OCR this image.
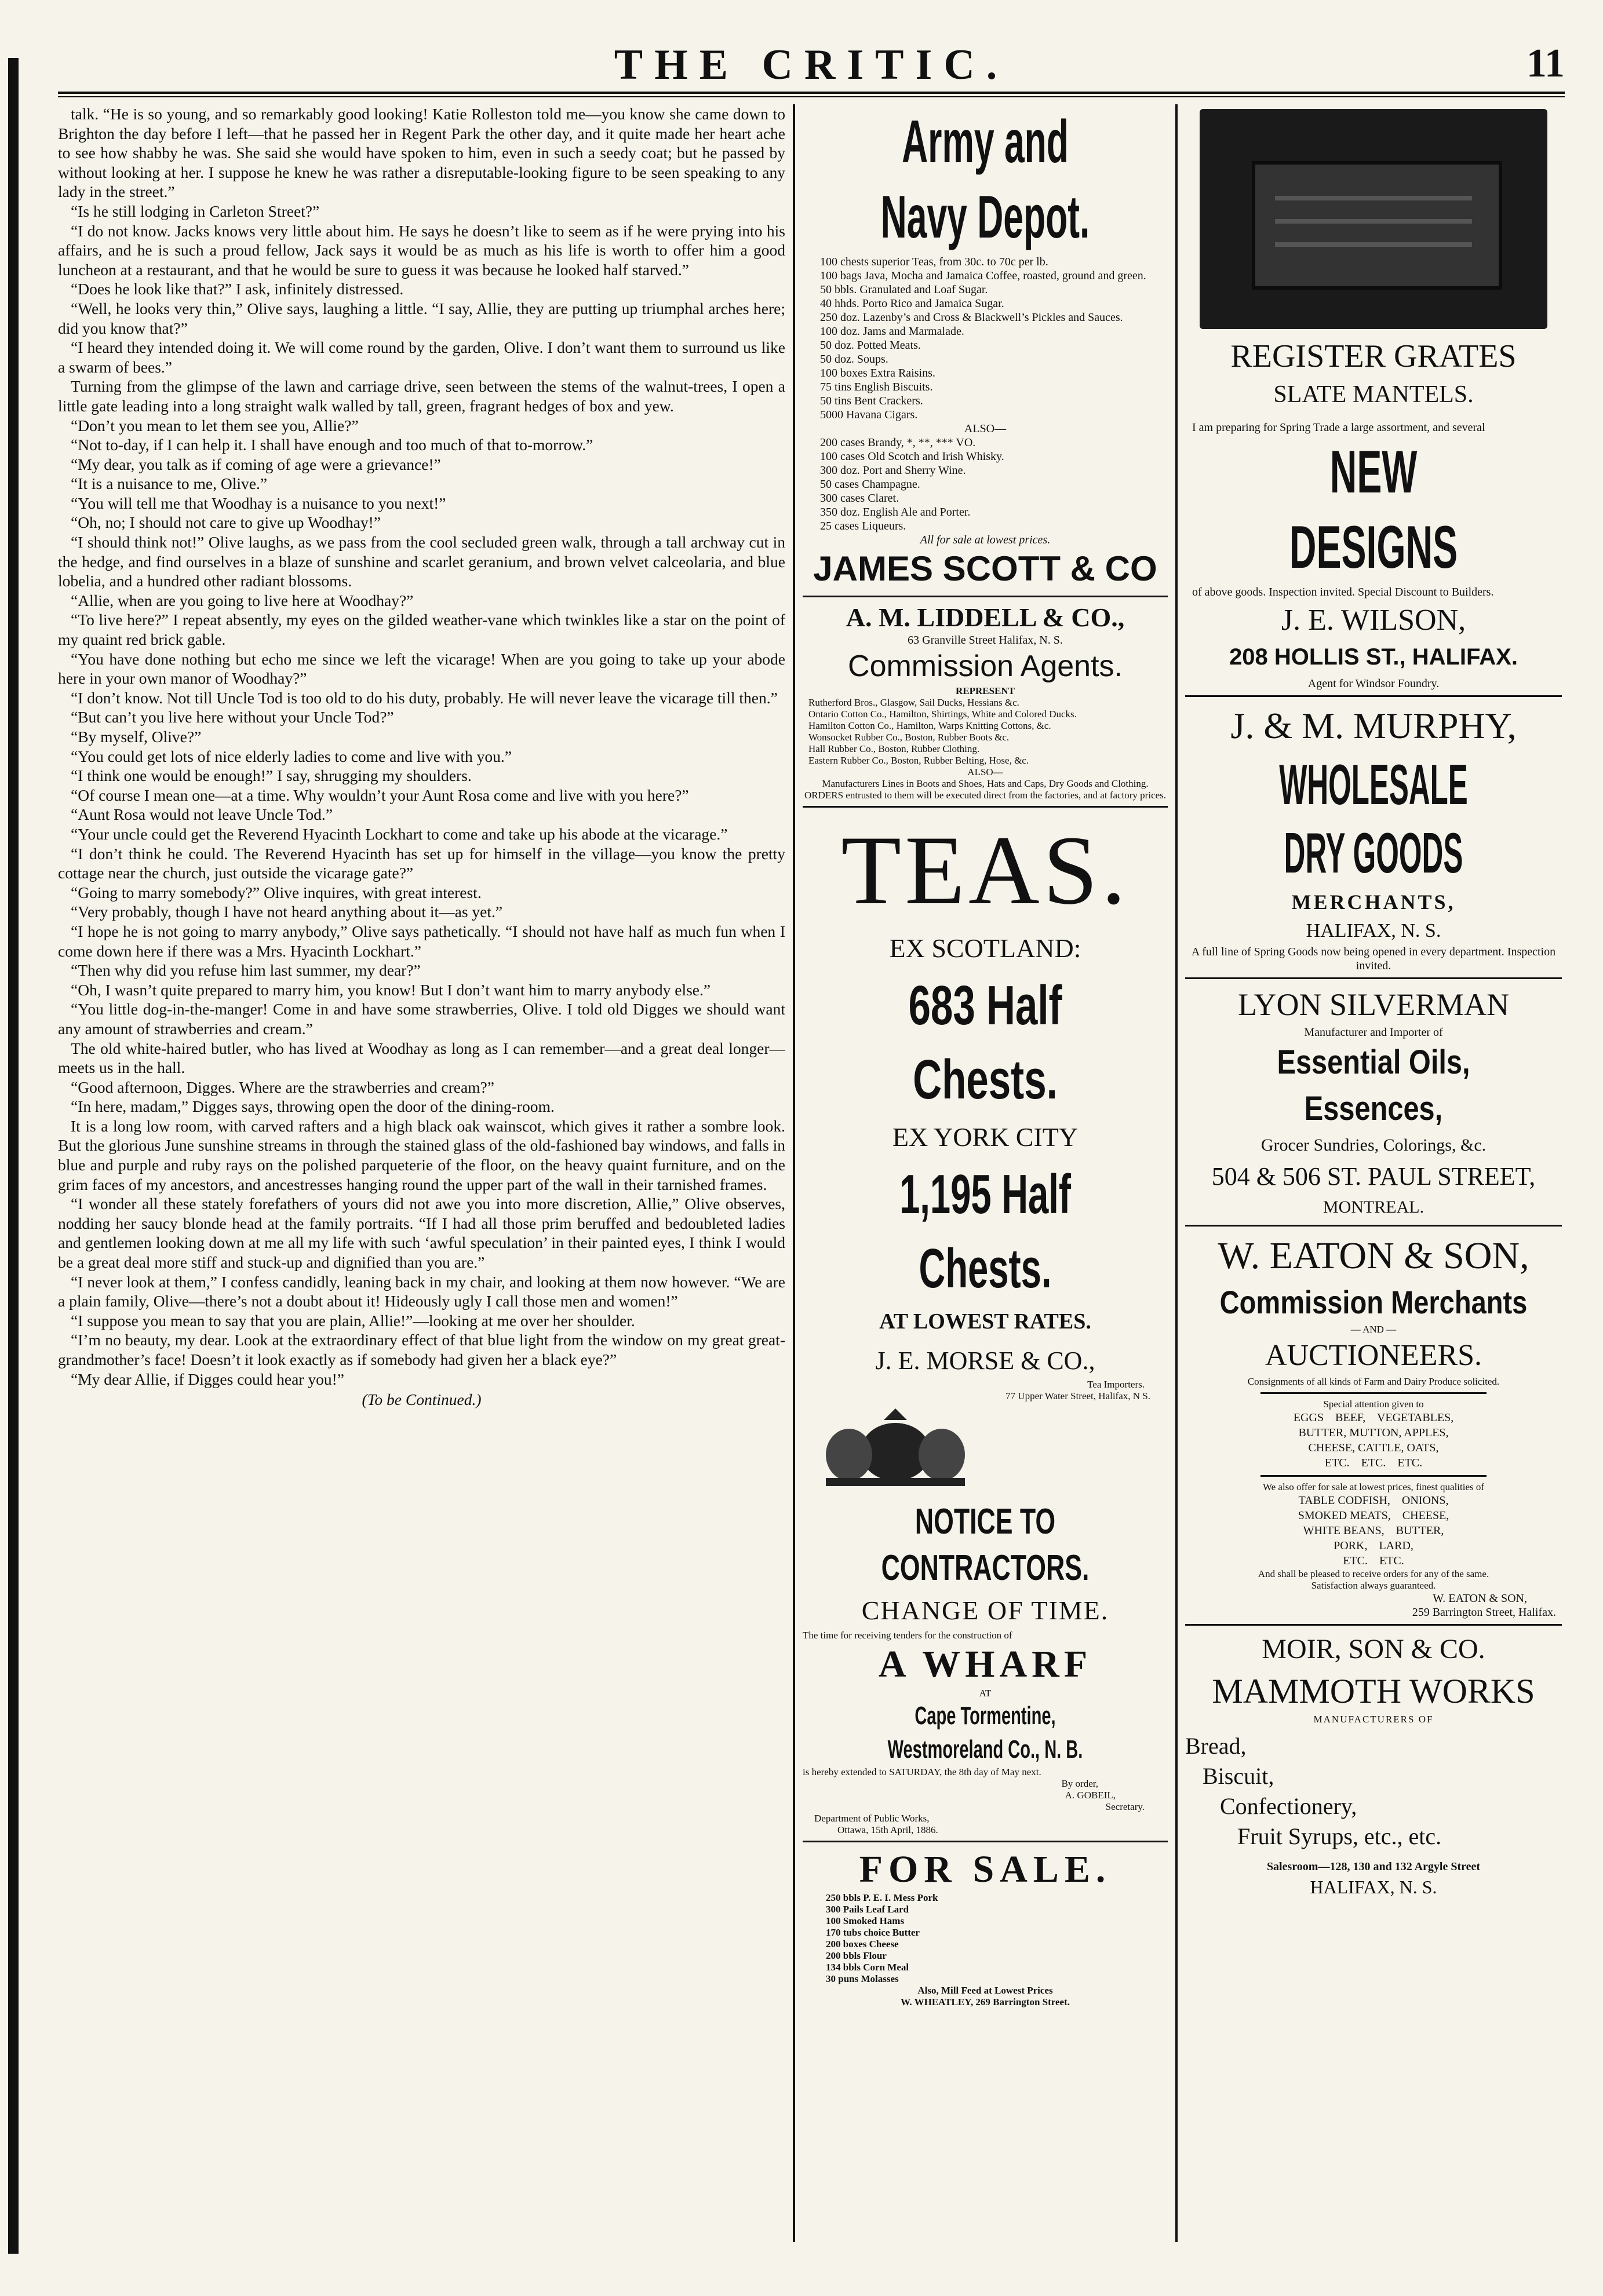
THE CRITIC.	11

talk. “He is so young, and so remarkably good looking! Katie Rolleston told me—you know she came down to Brighton the day before I left—that he passed her in Regent Park the other day, and it quite made her heart ache to see how shabby he was. She said she would have spoken to him, even in such a seedy coat; but he passed by without looking at her. I suppose he knew he was rather a disreputable-looking figure to be seen speaking to any lady in the street.”

“Is he still lodging in Carleton Street?”

“I do not know. Jacks knows very little about him. He says he doesn’t like to seem as if he were prying into his affairs, and he is such a proud fellow, Jack says it would be as much as his life is worth to offer him a good luncheon at a restaurant, and that he would be sure to guess it was because he looked half starved.”

“Does he look like that?” I ask, infinitely distressed.

“Well, he looks very thin,” Olive says, laughing a little. “I say, Allie, they are putting up triumphal arches here; did you know that?”

“I heard they intended doing it. We will come round by the garden, Olive. I don’t want them to surround us like a swarm of bees.”

Turning from the glimpse of the lawn and carriage drive, seen between the stems of the walnut-trees, I open a little gate leading into a long straight walk walled by tall, green, fragrant hedges of box and yew.

“Don’t you mean to let them see you, Allie?”

“Not to-day, if I can help it. I shall have enough and too much of that to-morrow.”

“My dear, you talk as if coming of age were a grievance!”

“It is a nuisance to me, Olive.”

“You will tell me that Woodhay is a nuisance to you next!”

“Oh, no; I should not care to give up Woodhay!”

“I should think not!” Olive laughs, as we pass from the cool secluded green walk, through a tall archway cut in the hedge, and find ourselves in a blaze of sunshine and scarlet geranium, and brown velvet calceolaria, and blue lobelia, and a hundred other radiant blossoms.

“Allie, when are you going to live here at Woodhay?”

“To live here?” I repeat absently, my eyes on the gilded weather-vane which twinkles like a star on the point of my quaint red brick gable.

“You have done nothing but echo me since we left the vicarage! When are you going to take up your abode here in your own manor of Woodhay?”

“I don’t know. Not till Uncle Tod is too old to do his duty, probably. He will never leave the vicarage till then.”

“But can’t you live here without your Uncle Tod?”

“By myself, Olive?”

“You could get lots of nice elderly ladies to come and live with you.”

“I think one would be enough!” I say, shrugging my shoulders.

“Of course I mean one—at a time. Why wouldn’t your Aunt Rosa come and live with you here?”

“Aunt Rosa would not leave Uncle Tod.”

“Your uncle could get the Reverend Hyacinth Lockhart to come and take up his abode at the vicarage.”

“I don’t think he could. The Reverend Hyacinth has set up for himself in the village—you know the pretty cottage near the church, just outside the vicarage gate?”

“Going to marry somebody?” Olive inquires, with great interest.

“Very probably, though I have not heard anything about it—as yet.”

“I hope he is not going to marry anybody,” Olive says pathetically. “I should not have half as much fun when I come down here if there was a Mrs. Hyacinth Lockhart.”

“Then why did you refuse him last summer, my dear?”

“Oh, I wasn’t quite prepared to marry him, you know! But I don’t want him to marry anybody else.”

“You little dog-in-the-manger! Come in and have some strawberries, Olive. I told old Digges we should want any amount of strawberries and cream.”

The old white-haired butler, who has lived at Woodhay as long as I can remember—and a great deal longer—meets us in the hall.

“Good afternoon, Digges. Where are the strawberries and cream?”

“In here, madam,” Digges says, throwing open the door of the dining-room.

It is a long low room, with carved rafters and a high black oak wainscot, which gives it rather a sombre look. But the glorious June sunshine streams in through the stained glass of the old-fashioned bay windows, and falls in blue and purple and ruby rays on the polished parqueterie of the floor, on the heavy quaint furniture, and on the grim faces of my ancestors, and ancestresses hanging round the upper part of the wall in their tarnished frames.

“I wonder all these stately forefathers of yours did not awe you into more discretion, Allie,” Olive observes, nodding her saucy blonde head at the family portraits. “If I had all those prim beruffed and bedoubleted ladies and gentlemen looking down at me all my life with such ‘awful speculation’ in their painted eyes, I think I would be a great deal more stiff and stuck-up and dignified than you are.”

“I never look at them,” I confess candidly, leaning back in my chair, and looking at them now however. “We are a plain family, Olive—there’s not a doubt about it! Hideously ugly I call those men and women!”

“I suppose you mean to say that you are plain, Allie!”—looking at me over her shoulder.

“I’m no beauty, my dear. Look at the extraordinary effect of that blue light from the window on my great great-grandmother’s face! Doesn’t it look exactly as if somebody had given her a black eye?”

“My dear Allie, if Digges could hear you!”

(To be Continued.)

Army and Navy Depot.
100 chests superior Teas, from 30c. to 70c per lb.
100 bags Java, Mocha and Jamaica Coffee, roasted, ground and green.
50 bbls. Granulated and Loaf Sugar.
40 hhds. Porto Rico and Jamaica Sugar.
250 doz. Lazenby’s and Cross & Blackwell’s Pickles and Sauces.
100 doz. Jams and Marmalade.
50 doz. Potted Meats.
50 doz. Soups.
100 boxes Extra Raisins.
75 tins English Biscuits.
50 tins Bent Crackers.
5000 Havana Cigars.
ALSO—
200 cases Brandy, *, **, *** VO.
100 cases Old Scotch and Irish Whisky.
300 doz. Port and Sherry Wine.
50 cases Champagne.
300 cases Claret.
350 doz. English Ale and Porter.
25 cases Liqueurs.
All for sale at lowest prices.
JAMES SCOTT & CO
A. M. LIDDELL & CO.,
63 Granville Street Halifax, N. S.
Commission Agents.
REPRESENT
Rutherford Bros., Glasgow, Sail Ducks, Hessians &c.
Ontario Cotton Co., Hamilton, Shirtings, White and Colored Ducks.
Hamilton Cotton Co., Hamilton, Warps Knitting Cottons, &c.
Wonsocket Rubber Co., Boston, Rubber Boots &c.
Hall Rubber Co., Boston, Rubber Clothing.
Eastern Rubber Co., Boston, Rubber Belting, Hose, &c.
ALSO—
Manufacturers Lines in Boots and Shoes, Hats and Caps, Dry Goods and Clothing.
ORDERS entrusted to them will be executed direct from the factories, and at factory prices.
TEAS.
EX SCOTLAND:
683 Half Chests.
EX YORK CITY
1,195 Half Chests.
AT LOWEST RATES.
J. E. MORSE & CO.,
Tea Importers.
77 Upper Water Street, Halifax, N S.
NOTICE TO CONTRACTORS.
CHANGE OF TIME.
The time for receiving tenders for the construction of
A WHARF
AT
Cape Tormentine, Westmoreland Co., N. B.
is hereby extended to SATURDAY, the 8th day of May next.
By order,
A. GOBEIL,
Secretary.
Department of Public Works,
Ottawa, 15th April, 1886.
FOR SALE.
250 bbls P. E. I. Mess Pork
300 Pails Leaf Lard
100 Smoked Hams
170 tubs choice Butter
200 boxes Cheese
200 bbls Flour
134 bbls Corn Meal
30 puns Molasses
Also, Mill Feed at Lowest Prices
W. WHEATLEY, 269 Barrington Street.
REGISTER GRATES
SLATE MANTELS.
I am preparing for Spring Trade a large assortment, and several
NEW DESIGNS
of above goods. Inspection invited. Special Discount to Builders.
J. E. WILSON,
208 HOLLIS ST., HALIFAX.
Agent for Windsor Foundry.
J. & M. MURPHY,
WHOLESALE DRY GOODS
MERCHANTS,
HALIFAX, N. S.
A full line of Spring Goods now being opened in every department. Inspection invited.
LYON SILVERMAN
Manufacturer and Importer of
Essential Oils, Essences,
Grocer Sundries, Colorings, &c.
504 & 506 ST. PAUL STREET,
MONTREAL.
W. EATON & SON,
Commission Merchants
— AND —
AUCTIONEERS.
Consignments of all kinds of Farm and Dairy Produce solicited.
Special attention given to
EGGS    BEEF,    VEGETABLES,
BUTTER, MUTTON, APPLES,
CHEESE, CATTLE, OATS,
ETC.    ETC.    ETC.
We also offer for sale at lowest prices, finest qualities of
TABLE CODFISH,    ONIONS,
SMOKED MEATS,    CHEESE,
WHITE BEANS,    BUTTER,
PORK,    LARD,
ETC.    ETC.
And shall be pleased to receive orders for any of the same.
Satisfaction always guaranteed.
W. EATON & SON,
259 Barrington Street, Halifax.
MOIR, SON & CO.
MAMMOTH WORKS
MANUFACTURERS OF
Bread,
Biscuit,
Confectionery,
Fruit Syrups, etc., etc.
Salesroom—128, 130 and 132 Argyle Street
HALIFAX, N. S.
